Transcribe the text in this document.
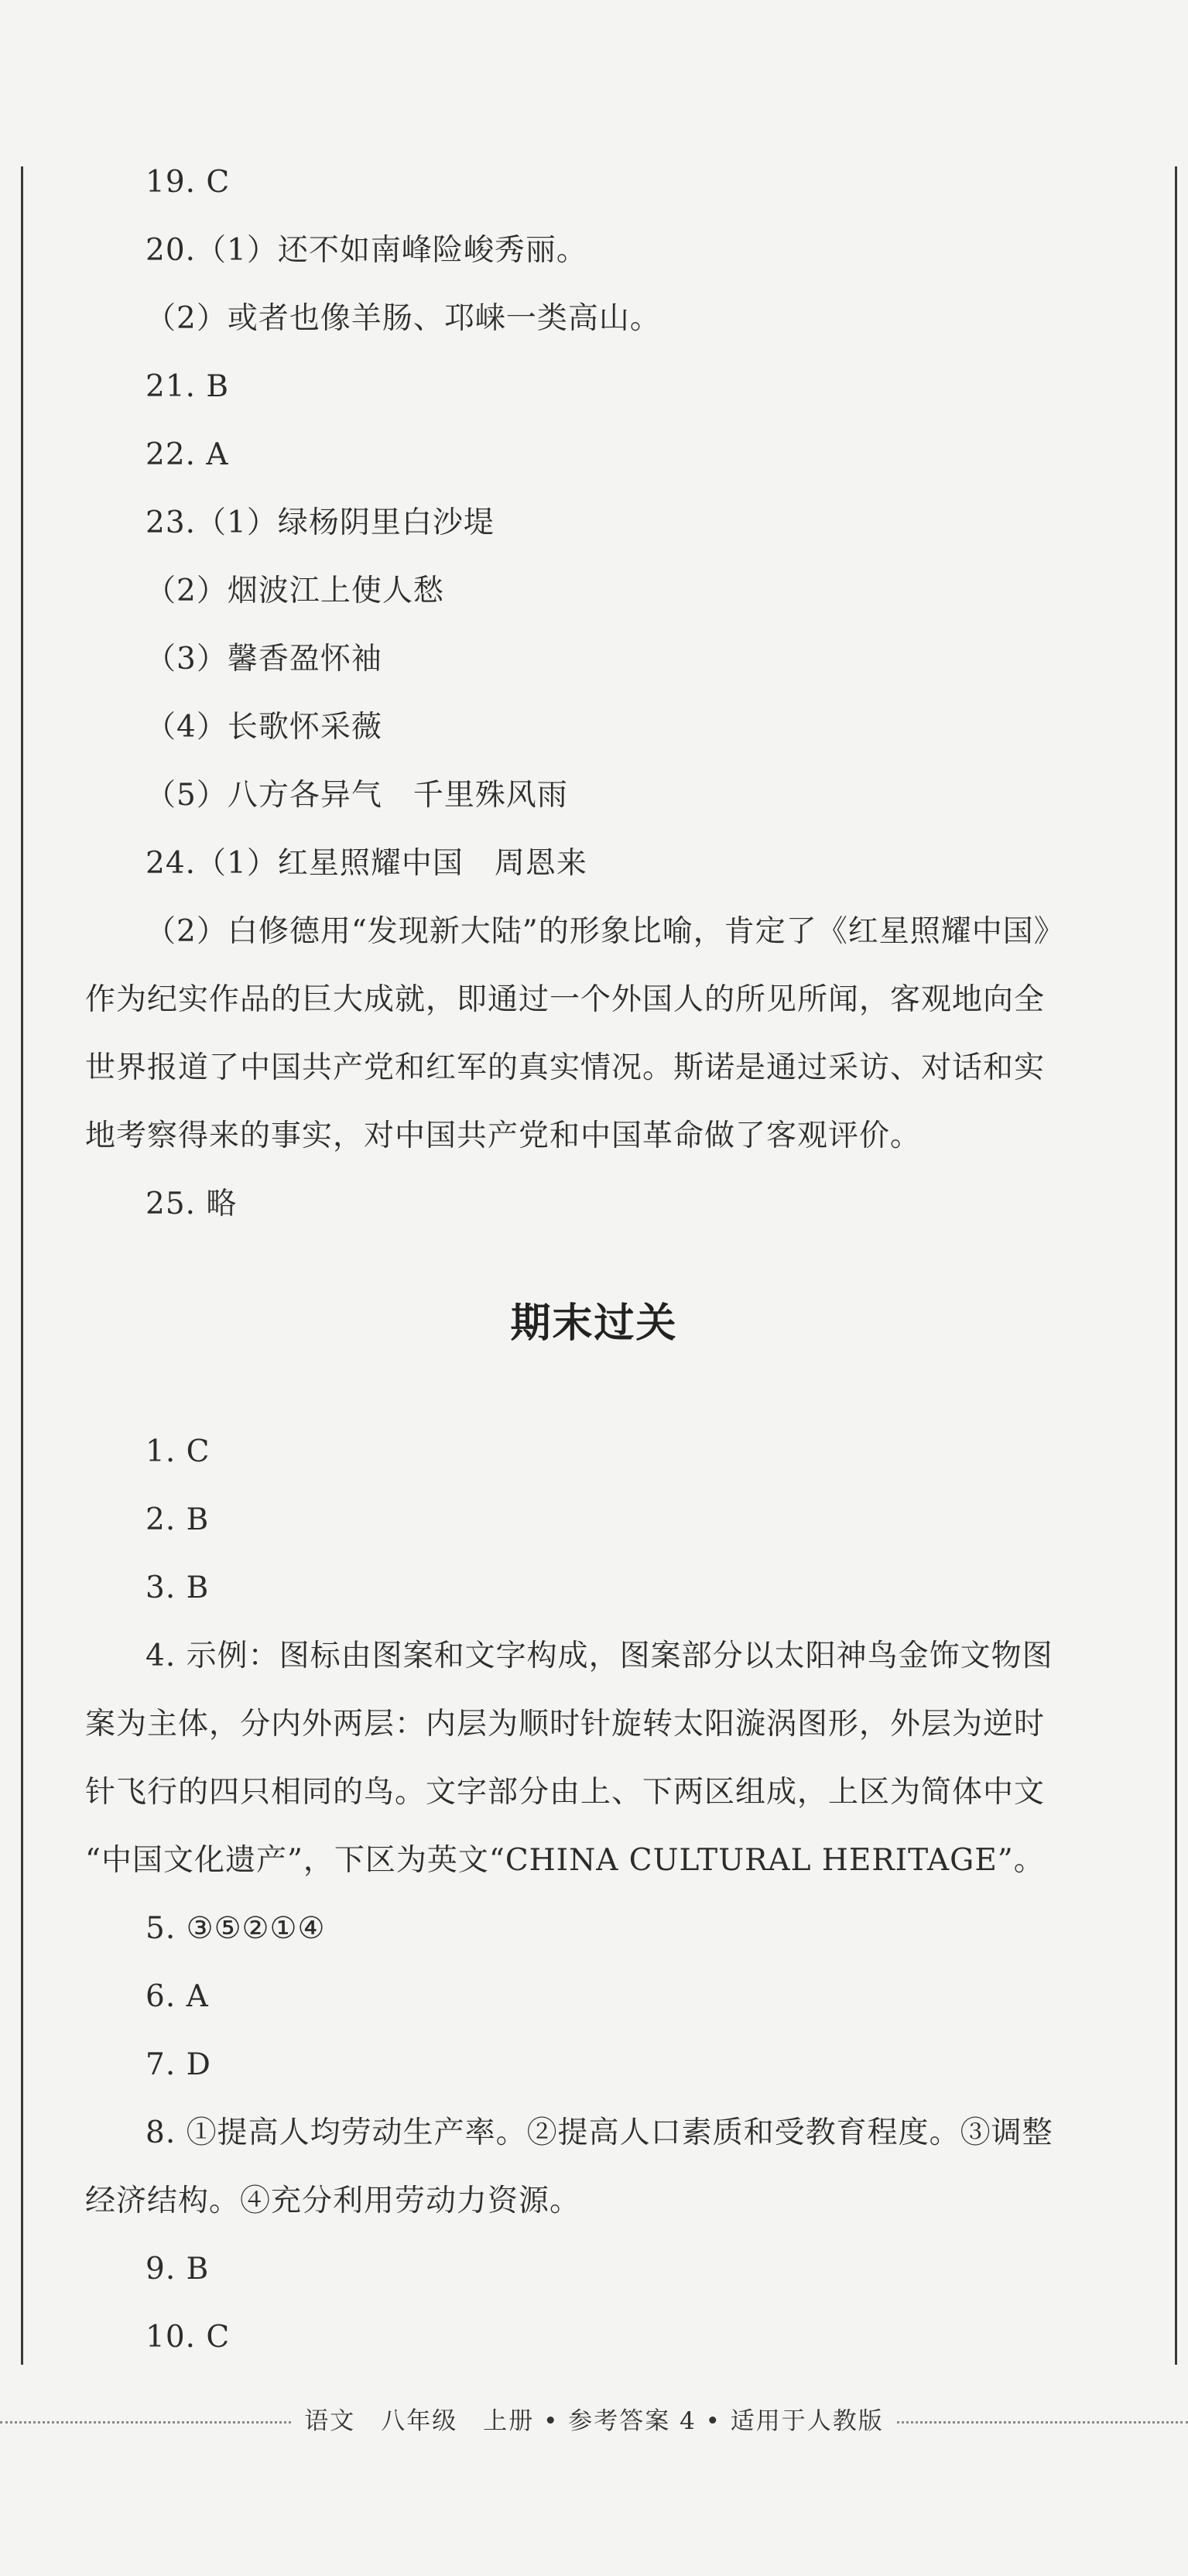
19. C
20.（1）还不如南峰险峻秀丽。
（2）或者也像羊肠、邛崃一类高山。
21. B
22. A
23.（1）绿杨阴里白沙堤
（2）烟波江上使人愁
（3）馨香盈怀袖
（4）长歌怀采薇
（5）八方各异气　千里殊风雨
24.（1）红星照耀中国　周恩来
（2）白修德用“发现新大陆”的形象比喻，肯定了《红星照耀中国》
作为纪实作品的巨大成就，即通过一个外国人的所见所闻，客观地向全
世界报道了中国共产党和红军的真实情况。斯诺是通过采访、对话和实
地考察得来的事实，对中国共产党和中国革命做了客观评价。
25. 略
期末过关
1. C
2. B
3. B
4. 示例：图标由图案和文字构成，图案部分以太阳神鸟金饰文物图
案为主体，分内外两层：内层为顺时针旋转太阳漩涡图形，外层为逆时
针飞行的四只相同的鸟。文字部分由上、下两区组成，上区为简体中文
“中国文化遗产”，下区为英文“CHINA CULTURAL HERITAGE”。
5. ③⑤②①④
6. A
7. D
8. ①提高人均劳动生产率。②提高人口素质和受教育程度。③调整
经济结构。④充分利用劳动力资源。
9. B
10. C
语文　八年级　上册 • 参考答案 4 • 适用于人教版
